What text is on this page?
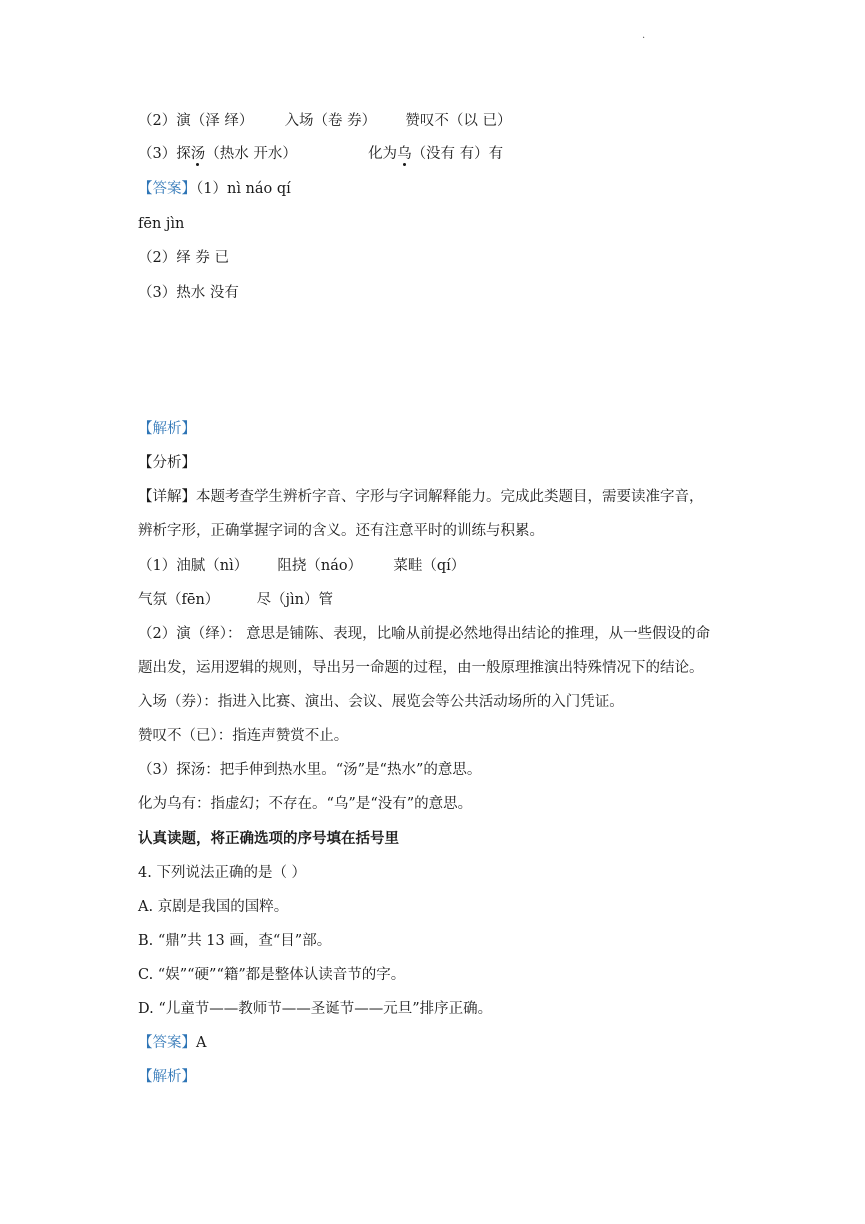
.
（2）演（泽 绎） 入场（卷 券） 赞叹不（以 已）
（3）探汤（热水 开水）	化为乌（没有 有）有
【答案】（1）nì náo qí
fēn jìn
（2）绎 券 已
（3）热水 没有
【解析】
【分析】
【详解】本题考查学生辨析字音、字形与字词解释能力。完成此类题目，需要读准字音，
辨析字形，正确掌握字词的含义。还有注意平时的训练与积累。
（1）油腻（nì） 阻挠（náo） 菜畦（qí）
气氛（fēn）	尽（jìn）管
（2）演（绎）： 意思是铺陈、表现，比喻从前提必然地得出结论的推理，从一些假设的命
题出发，运用逻辑的规则，导出另一命题的过程，由一般原理推演出特殊情况下的结论。
入场（券）：指进入比赛、演出、会议、展览会等公共活动场所的入门凭证。
赞叹不（已）：指连声赞赏不止。
（3）探汤：把手伸到热水里。“汤”是“热水”的意思。
化为乌有：指虚幻；不存在。“乌”是“没有”的意思。
认真读题，将正确选项的序号填在括号里
4. 下列说法正确的是（ ）
A. 京剧是我国的国粹。
B. “鼎”共 13 画，查“目”部。
C. “娱”“硬”“籍”都是整体认读音节的字。
D. “儿童节——教师节——圣诞节——元旦”排序正确。
【答案】A
【解析】
